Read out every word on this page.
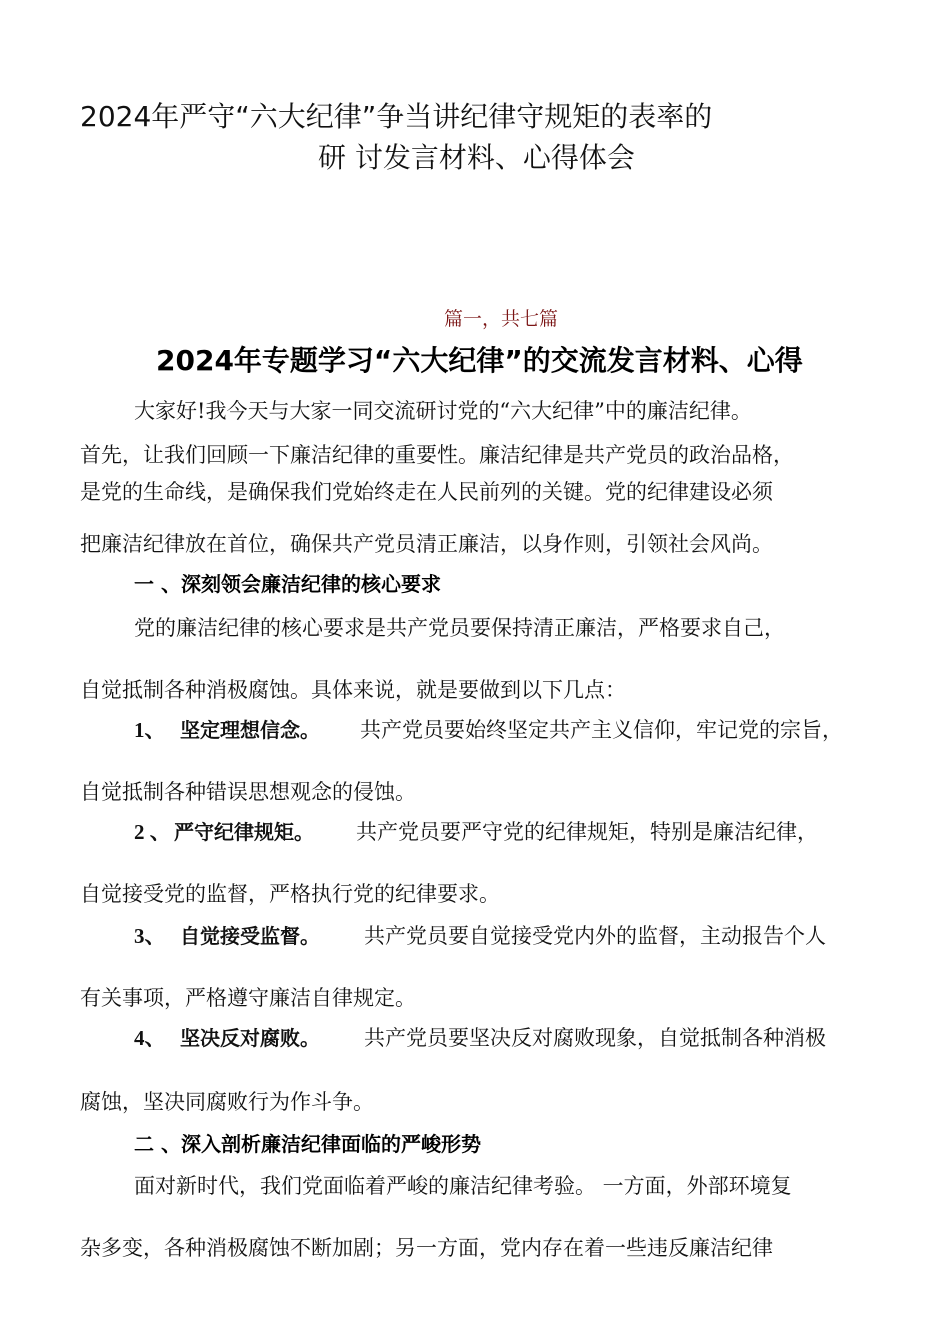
2024年严守“六大纪律”争当讲纪律守规矩的表率的
研 讨发言材料、心得体会
篇一，共七篇
2024年专题学习“六大纪律”的交流发言材料、心得
大家好!我今天与大家一同交流研讨党的“六大纪律”中的廉洁纪律。
首先，让我们回顾一下廉洁纪律的重要性。廉洁纪律是共产党员的政治品格，
是党的生命线，是确保我们党始终走在人民前列的关键。党的纪律建设必须
把廉洁纪律放在首位，确保共产党员清正廉洁，以身作则，引领社会风尚。
一 、深刻领会廉洁纪律的核心要求
党的廉洁纪律的核心要求是共产党员要保持清正廉洁，严格要求自己，
自觉抵制各种消极腐蚀。具体来说，就是要做到以下几点：
1、 坚定理想信念。 共产党员要始终坚定共产主义信仰，牢记党的宗旨，
自觉抵制各种错误思想观念的侵蚀。
2 、 严守纪律规矩。 共产党员要严守党的纪律规矩，特别是廉洁纪律，
自觉接受党的监督，严格执行党的纪律要求。
3、 自觉接受监督。 共产党员要自觉接受党内外的监督，主动报告个人
有关事项，严格遵守廉洁自律规定。
4、 坚决反对腐败。 共产党员要坚决反对腐败现象，自觉抵制各种消极
腐蚀，坚决同腐败行为作斗争。
二 、深入剖析廉洁纪律面临的严峻形势
面对新时代，我们党面临着严峻的廉洁纪律考验。 一方面，外部环境复
杂多变，各种消极腐蚀不断加剧；另一方面，党内存在着一些违反廉洁纪律
